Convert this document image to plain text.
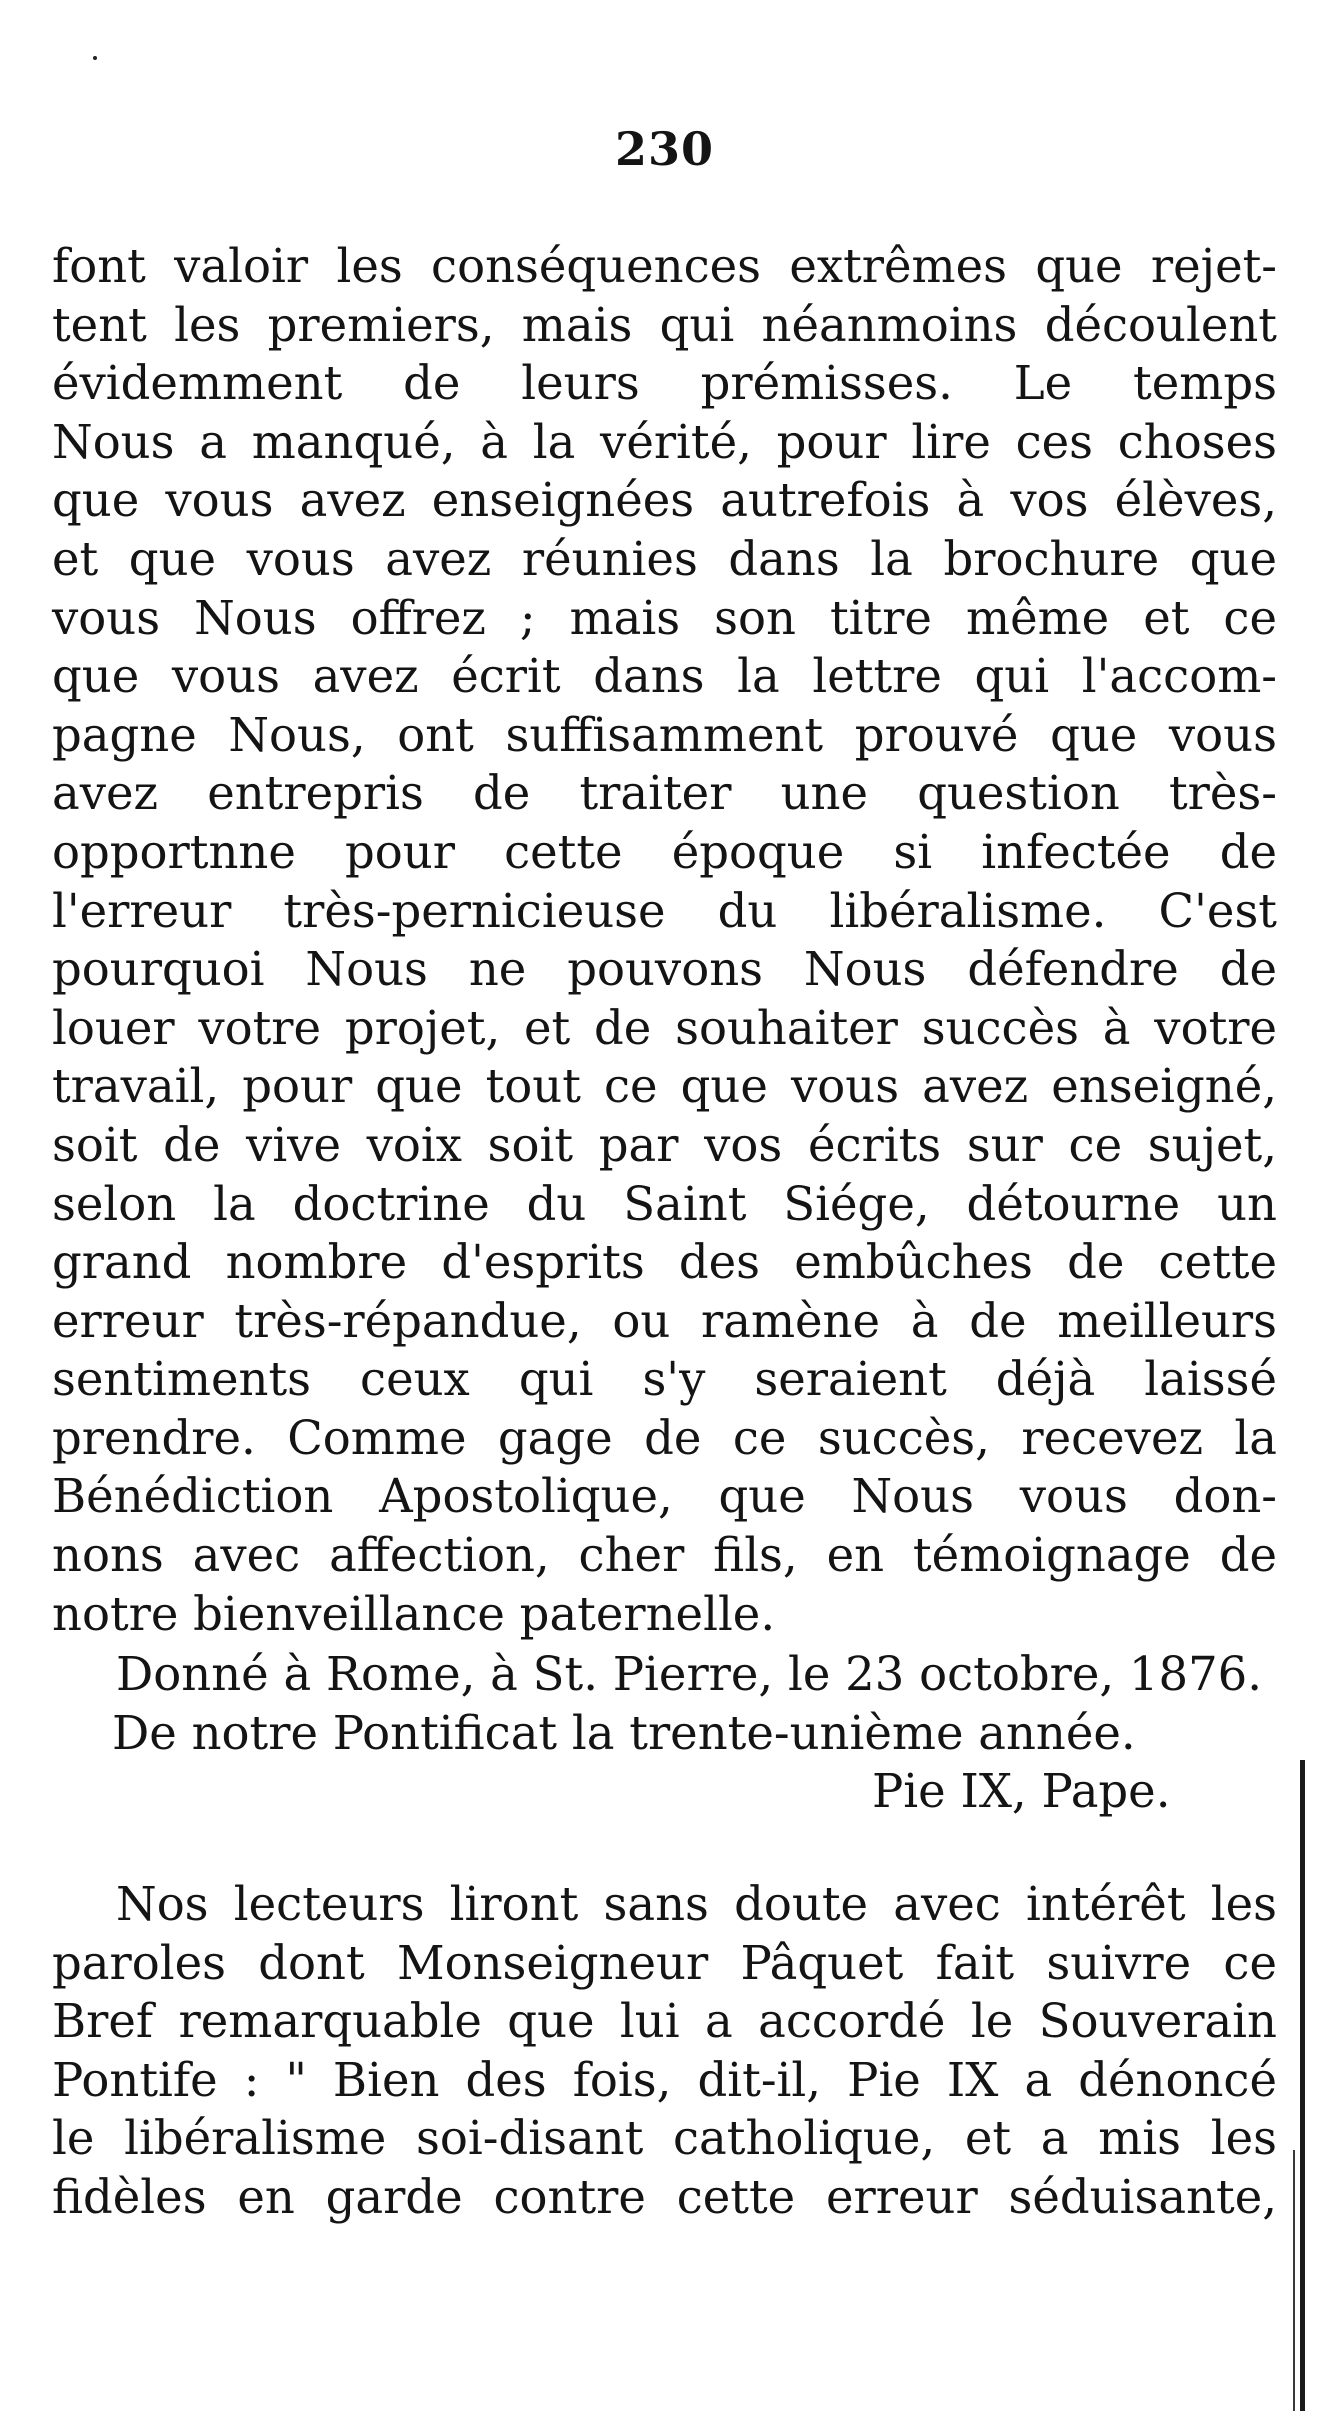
230
font valoir les conséquences extrêmes que rejet-
tent les premiers, mais qui néanmoins découlent
évidemment de leurs prémisses. Le temps
Nous a manqué, à la vérité, pour lire ces choses
que vous avez enseignées autrefois à vos élèves,
et que vous avez réunies dans la brochure que
vous Nous offrez ; mais son titre même et ce
que vous avez écrit dans la lettre qui l'accom-
pagne Nous, ont suffisamment prouvé que vous
avez entrepris de traiter une question très-
opportnne pour cette époque si infectée de
l'erreur très-pernicieuse du libéralisme. C'est
pourquoi Nous ne pouvons Nous défendre de
louer votre projet, et de souhaiter succès à votre
travail, pour que tout ce que vous avez enseigné,
soit de vive voix soit par vos écrits sur ce sujet,
selon la doctrine du Saint Siége, détourne un
grand nombre d'esprits des embûches de cette
erreur très-répandue, ou ramène à de meilleurs
sentiments ceux qui s'y seraient déjà laissé
prendre. Comme gage de ce succès, recevez la
Bénédiction Apostolique, que Nous vous don-
nons avec affection, cher fils, en témoignage de
notre bienveillance paternelle.
Donné à Rome, à St. Pierre, le 23 octobre, 1876.
De notre Pontificat la trente-unième année.
Pie IX, Pape.
Nos lecteurs liront sans doute avec intérêt les
paroles dont Monseigneur Pâquet fait suivre ce
Bref remarquable que lui a accordé le Souverain
Pontife : " Bien des fois, dit-il, Pie IX a dénoncé
le libéralisme soi-disant catholique, et a mis les
fidèles en garde contre cette erreur séduisante,
